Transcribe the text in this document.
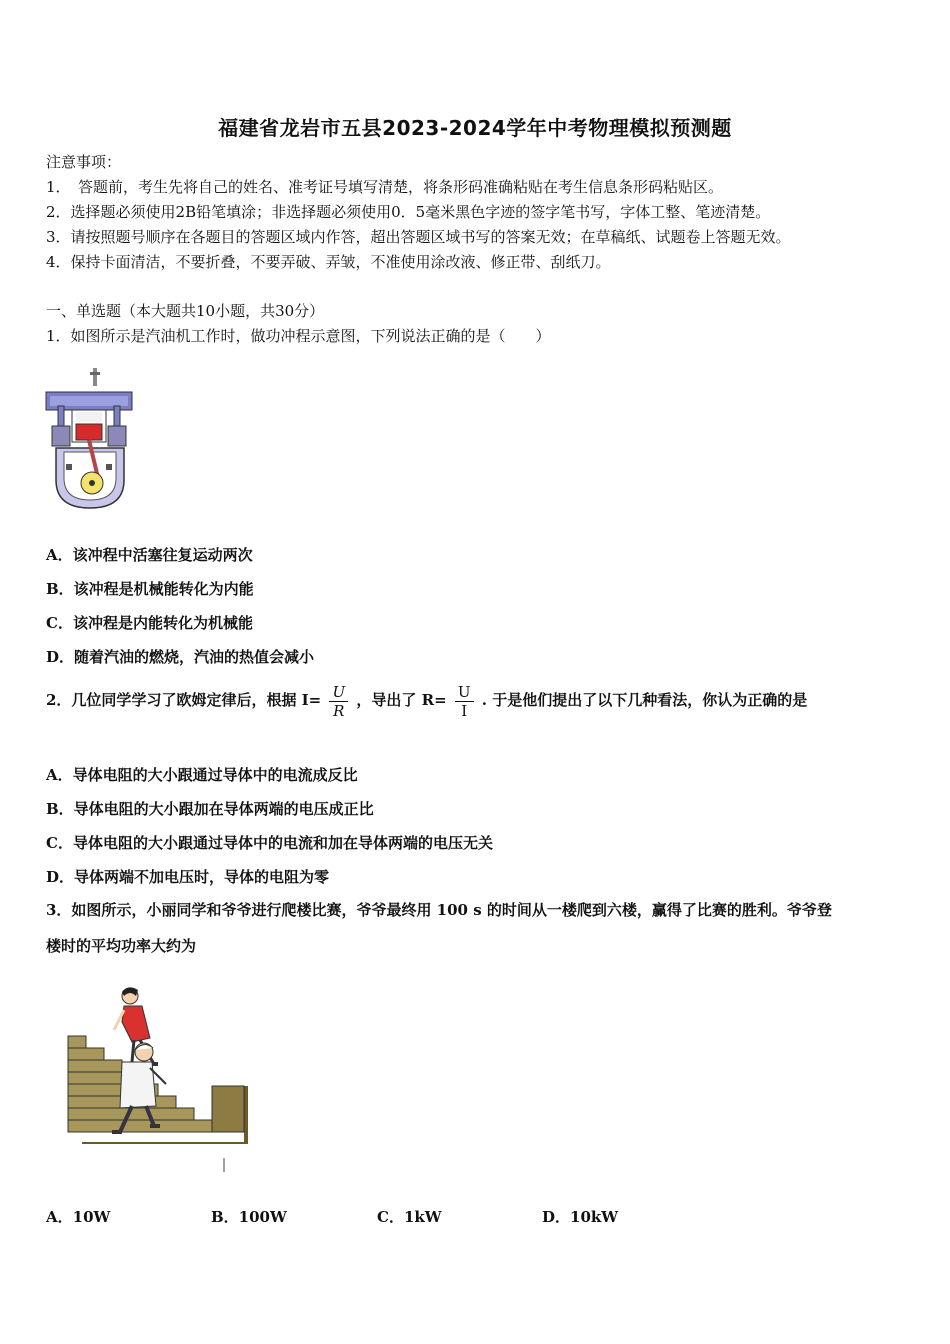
福建省龙岩市五县2023-2024学年中考物理模拟预测题
注意事项：
1．　答题前，考生先将自己的姓名、准考证号填写清楚，将条形码准确粘贴在考生信息条形码粘贴区。
2．选择题必须使用2B铅笔填涂；非选择题必须使用0．5毫米黑色字迹的签字笔书写，字体工整、笔迹清楚。
3．请按照题号顺序在各题目的答题区域内作答，超出答题区域书写的答案无效；在草稿纸、试题卷上答题无效。
4．保持卡面清洁，不要折叠，不要弄破、弄皱，不准使用涂改液、修正带、刮纸刀。
一、单选题（本大题共10小题，共30分）
1．如图所示是汽油机工作时，做功冲程示意图，下列说法正确的是（　　）
A．该冲程中活塞往复运动两次
B．该冲程是机械能转化为内能
C．该冲程是内能转化为机械能
D．随着汽油的燃烧，汽油的热值会减小
2．几位同学学习了欧姆定律后，根据 $I= \frac{U}{R}$ ，导出了 $R= \frac{U}{I}$ . 于是他们提出了以下几种看法，你认为正确的是
A．导体电阻的大小跟通过导体中的电流成反比
B．导体电阻的大小跟加在导体两端的电压成正比
C．导体电阻的大小跟通过导体中的电流和加在导体两端的电压无关
D．导体两端不加电压时，导体的电阻为零
3．如图所示，小丽同学和爷爷进行爬楼比赛，爷爷最终用 100 s 的时间从一楼爬到六楼，赢得了比赛的胜利。爷爷登
楼时的平均功率大约为
A．10W	B．100W	C．1kW	D．10kW
